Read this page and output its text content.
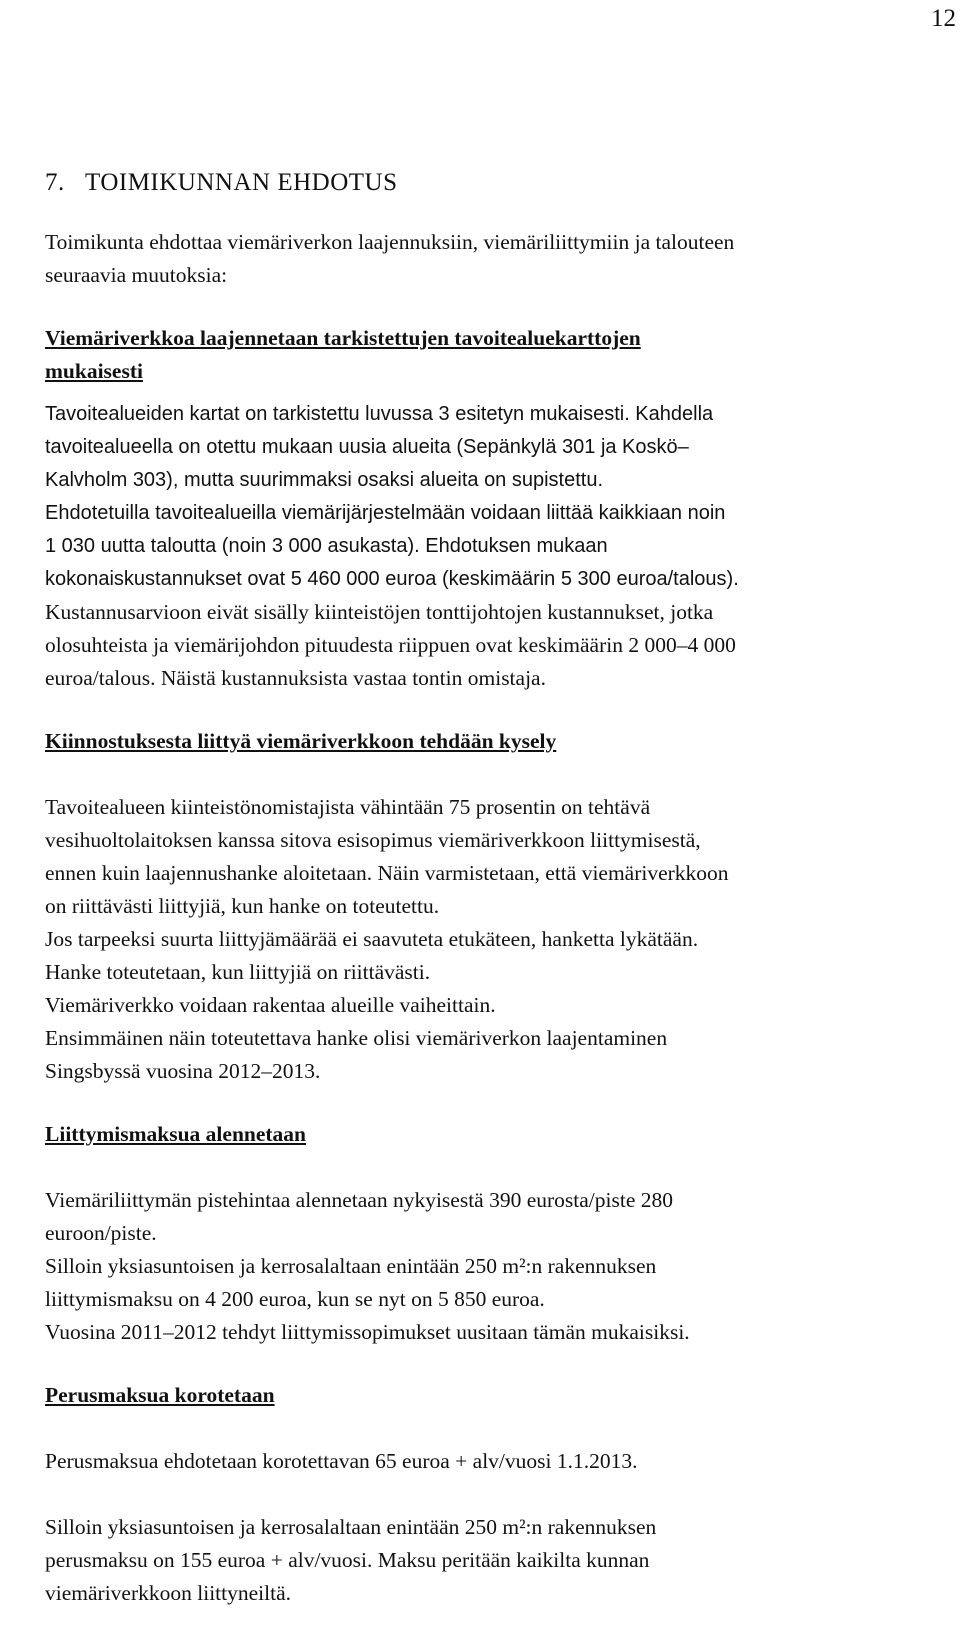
12
7. TOIMIKUNNAN EHDOTUS

Toimikunta ehdottaa viemäriverkon laajennuksiin, viemäriliittymiin ja talouteen
seuraavia muutoksia:

Viemäriverkkoa laajennetaan tarkistettujen tavoitealuekarttojen
mukaisesti

Tavoitealueiden kartat on tarkistettu luvussa 3 esitetyn mukaisesti. Kahdella
tavoitealueella on otettu mukaan uusia alueita (Sepänkylä 301 ja Koskö–
Kalvholm 303), mutta suurimmaksi osaksi alueita on supistettu.
Ehdotetuilla tavoitealueilla viemärijärjestelmään voidaan liittää kaikkiaan noin
1 030 uutta taloutta (noin 3 000 asukasta). Ehdotuksen mukaan
kokonaiskustannukset ovat 5 460 000 euroa (keskimäärin 5 300 euroa/talous).

Kustannusarvioon eivät sisälly kiinteistöjen tonttijohtojen kustannukset, jotka
olosuhteista ja viemärijohdon pituudesta riippuen ovat keskimäärin 2 000–4 000
euroa/talous. Näistä kustannuksista vastaa tontin omistaja.

Kiinnostuksesta liittyä viemäriverkkoon tehdään kysely

Tavoitealueen kiinteistönomistajista vähintään 75 prosentin on tehtävä
vesihuoltolaitoksen kanssa sitova esisopimus viemäriverkkoon liittymisestä,
ennen kuin laajennushanke aloitetaan. Näin varmistetaan, että viemäriverkkoon
on riittävästi liittyjiä, kun hanke on toteutettu.
Jos tarpeeksi suurta liittyjämäärää ei saavuteta etukäteen, hanketta lykätään.
Hanke toteutetaan, kun liittyjiä on riittävästi.
Viemäriverkko voidaan rakentaa alueille vaiheittain.
Ensimmäinen näin toteutettava hanke olisi viemäriverkon laajentaminen
Singsbyssä vuosina 2012–2013.

Liittymismaksua alennetaan

Viemäriliittymän pistehintaa alennetaan nykyisestä 390 eurosta/piste 280
euroon/piste.
Silloin yksiasuntoisen ja kerrosalaltaan enintään 250 m²:n rakennuksen
liittymismaksu on 4 200 euroa, kun se nyt on 5 850 euroa.
Vuosina 2011–2012 tehdyt liittymissopimukset uusitaan tämän mukaisiksi.

Perusmaksua korotetaan

Perusmaksua ehdotetaan korotettavan 65 euroa + alv/vuosi 1.1.2013.

Silloin yksiasuntoisen ja kerrosalaltaan enintään 250 m²:n rakennuksen
perusmaksu on 155 euroa + alv/vuosi. Maksu peritään kaikilta kunnan
viemäriverkkoon liittyneiltä.
